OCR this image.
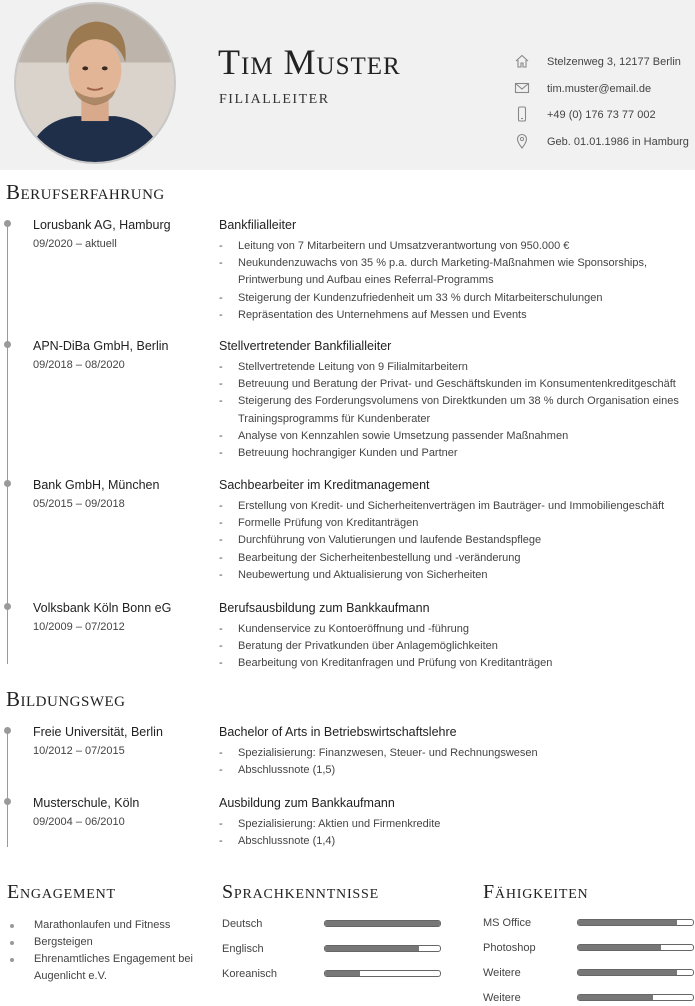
Tim Muster
FILIALLEITER
Stelzenweg 3, 12177 Berlin
tim.muster@email.de
+49 (0) 176 73 77 002
Geb. 01.01.1986 in Hamburg
Berufserfahrung
Lorusbank AG, Hamburg
09/2020 – aktuell
Bankfilialleiter
- Leitung von 7 Mitarbeitern und Umsatzverantwortung von 950.000 €
- Neukundenzuwachs von 35 % p.a. durch Marketing-Maßnahmen wie Sponsorships, Printwerbung und Aufbau eines Referral-Programms
- Steigerung der Kundenzufriedenheit um 33 % durch Mitarbeiterschulungen
- Repräsentation des Unternehmens auf Messen und Events
APN-DiBa GmbH, Berlin
09/2018 – 08/2020
Stellvertretender Bankfilialleiter
- Stellvertretende Leitung von 9 Filialmitarbeitern
- Betreuung und Beratung der Privat- und Geschäftskunden im Konsumentenkreditgeschäft
- Steigerung des Forderungsvolumens von Direktkunden um 38 % durch Organisation eines Trainingsprogramms für Kundenberater
- Analyse von Kennzahlen sowie Umsetzung passender Maßnahmen
- Betreuung hochrangiger Kunden und Partner
Bank GmbH, München
05/2015 – 09/2018
Sachbearbeiter im Kreditmanagement
- Erstellung von Kredit- und Sicherheitenverträgen im Bauträger- und Immobiliengeschäft
- Formelle Prüfung von Kreditanträgen
- Durchführung von Valutierungen und laufende Bestandspflege
- Bearbeitung der Sicherheitenbestellung und -veränderung
- Neubewertung und Aktualisierung von Sicherheiten
Volksbank Köln Bonn eG
10/2009 – 07/2012
Berufsausbildung zum Bankkaufmann
- Kundenservice zu Kontoeröffnung und -führung
- Beratung der Privatkunden über Anlagemöglichkeiten
- Bearbeitung von Kreditanfragen und Prüfung von Kreditanträgen
Bildungsweg
Freie Universität, Berlin
10/2012 – 07/2015
Bachelor of Arts in Betriebswirtschaftslehre
- Spezialisierung: Finanzwesen, Steuer- und Rechnungswesen
- Abschlussnote (1,5)
Musterschule, Köln
09/2004 – 06/2010
Ausbildung zum Bankkaufmann
- Spezialisierung: Aktien und Firmenkredite
- Abschlussnote (1,4)
Engagement
Marathonlaufen und Fitness
Bergsteigen
Ehrenamtliches Engagement bei Augenlicht e.V.
Sprachkenntnisse
Deutsch
Englisch
Koreanisch
Fähigkeiten
MS Office
Photoshop
Weitere
Weitere
